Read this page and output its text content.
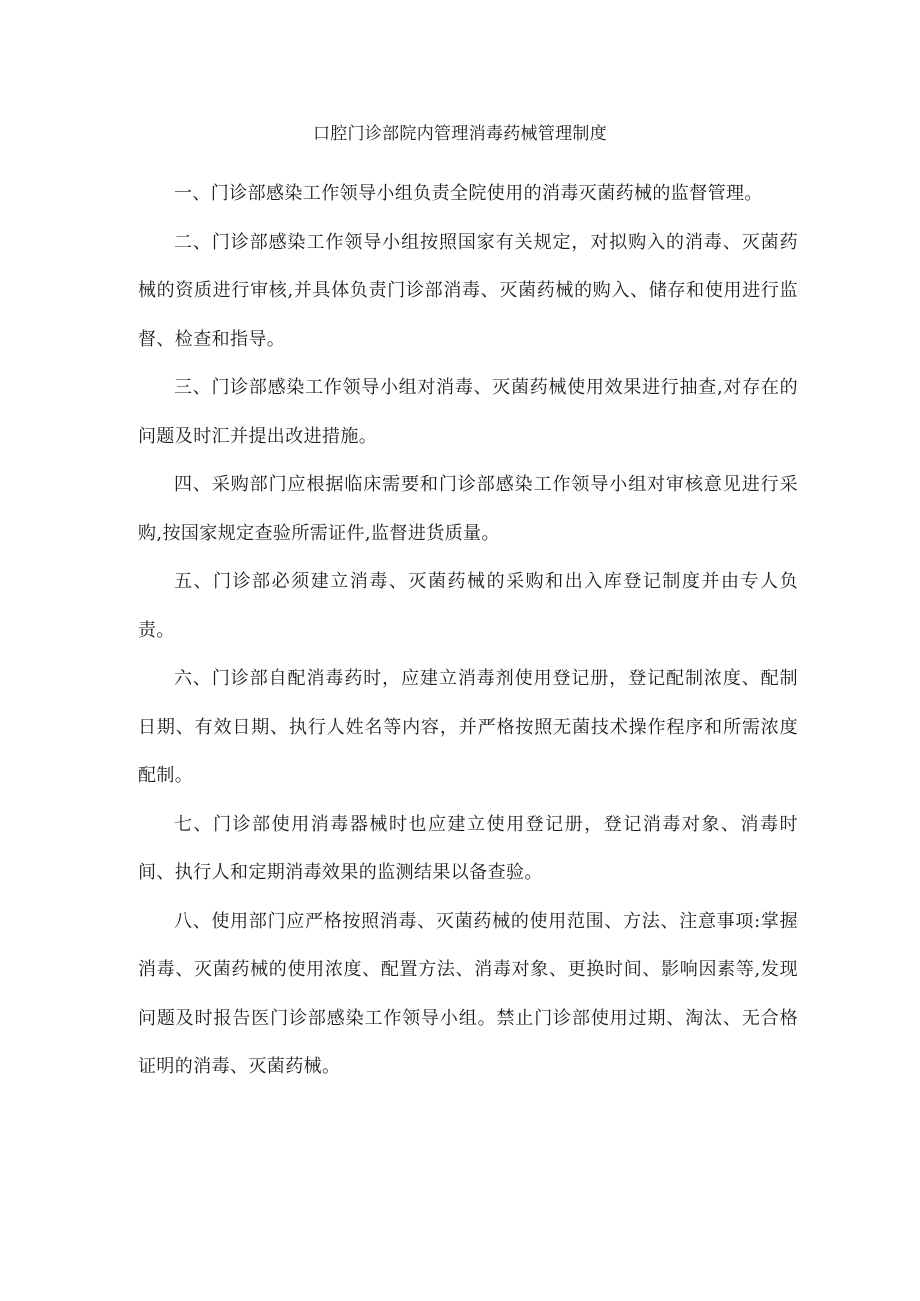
口腔门诊部院内管理消毒药械管理制度

一、门诊部感染工作领导小组负责全院使用的消毒灭菌药械的监督管理。

二、门诊部感染工作领导小组按照国家有关规定，对拟购入的消毒、灭菌药械的资质进行审核,并具体负责门诊部消毒、灭菌药械的购入、储存和使用进行监督、检查和指导。

三、门诊部感染工作领导小组对消毒、灭菌药械使用效果进行抽查,对存在的问题及时汇并提出改进措施。

四、采购部门应根据临床需要和门诊部感染工作领导小组对审核意见进行采购,按国家规定查验所需证件,监督进货质量。

五、门诊部必须建立消毒、灭菌药械的采购和出入库登记制度并由专人负责。

六、门诊部自配消毒药时，应建立消毒剂使用登记册，登记配制浓度、配制日期、有效日期、执行人姓名等内容，并严格按照无菌技术操作程序和所需浓度配制。

七、门诊部使用消毒器械时也应建立使用登记册，登记消毒对象、消毒时间、执行人和定期消毒效果的监测结果以备查验。

八、使用部门应严格按照消毒、灭菌药械的使用范围、方法、注意事项:掌握消毒、灭菌药械的使用浓度、配置方法、消毒对象、更换时间、影响因素等,发现问题及时报告医门诊部感染工作领导小组。禁止门诊部使用过期、淘汰、无合格证明的消毒、灭菌药械。
